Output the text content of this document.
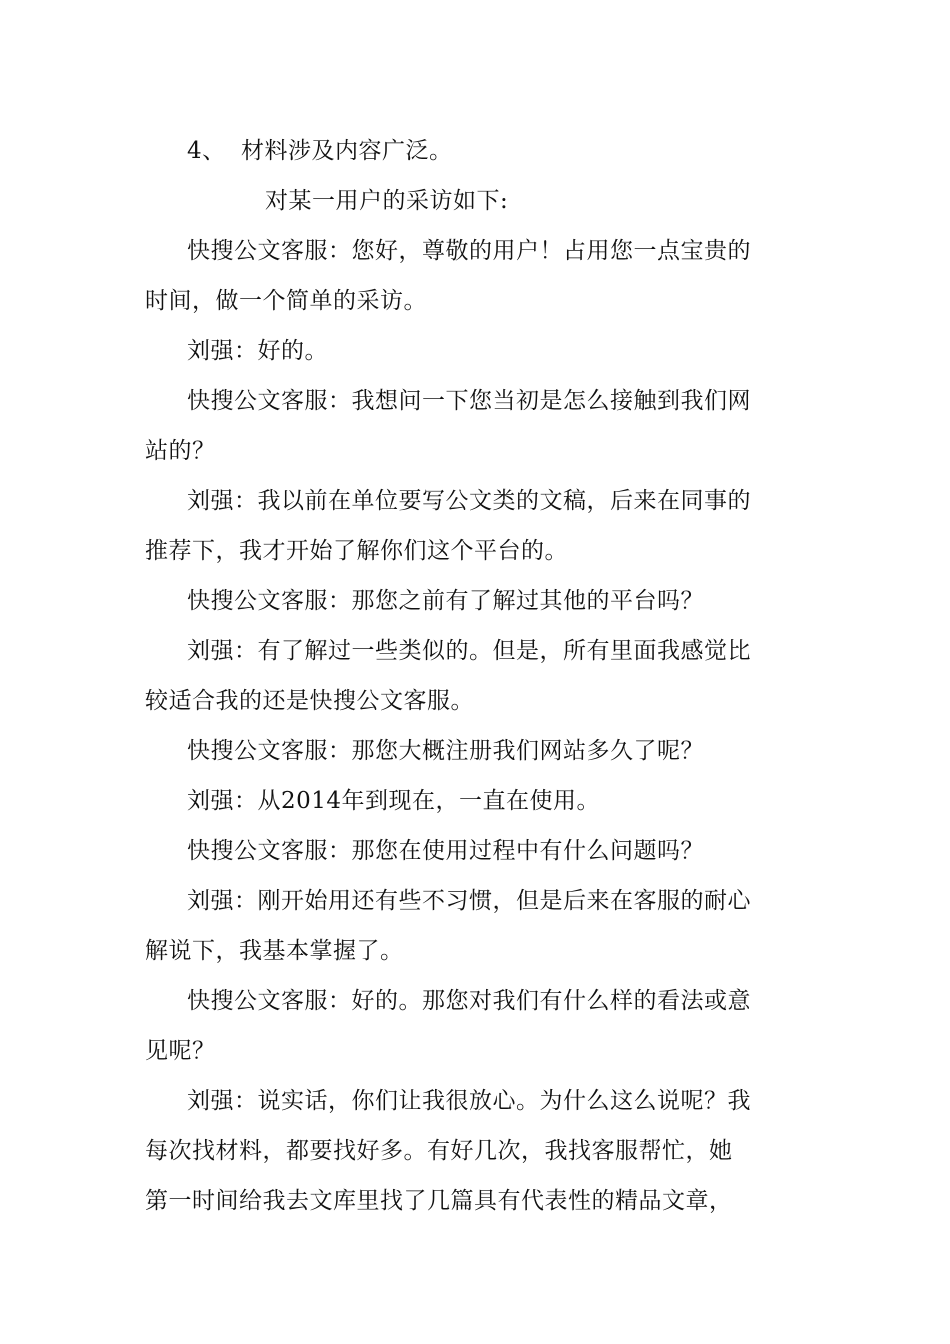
4、 材料涉及内容广泛。
对某一用户的采访如下:
快搜公文客服：您好，尊敬的用户！占用您一点宝贵的
时间，做一个简单的采访。
刘强：好的。
快搜公文客服：我想问一下您当初是怎么接触到我们网
站的？
刘强：我以前在单位要写公文类的文稿，后来在同事的
推荐下，我才开始了解你们这个平台的。
快搜公文客服：那您之前有了解过其他的平台吗？
刘强：有了解过一些类似的。但是，所有里面我感觉比
较适合我的还是快搜公文客服。
快搜公文客服：那您大概注册我们网站多久了呢？
刘强：从2014年到现在，一直在使用。
快搜公文客服：那您在使用过程中有什么问题吗？
刘强：刚开始用还有些不习惯，但是后来在客服的耐心
解说下，我基本掌握了。
快搜公文客服：好的。那您对我们有什么样的看法或意
见呢？
刘强：说实话，你们让我很放心。为什么这么说呢？我
每次找材料，都要找好多。有好几次，我找客服帮忙，她
第一时间给我去文库里找了几篇具有代表性的精品文章，
